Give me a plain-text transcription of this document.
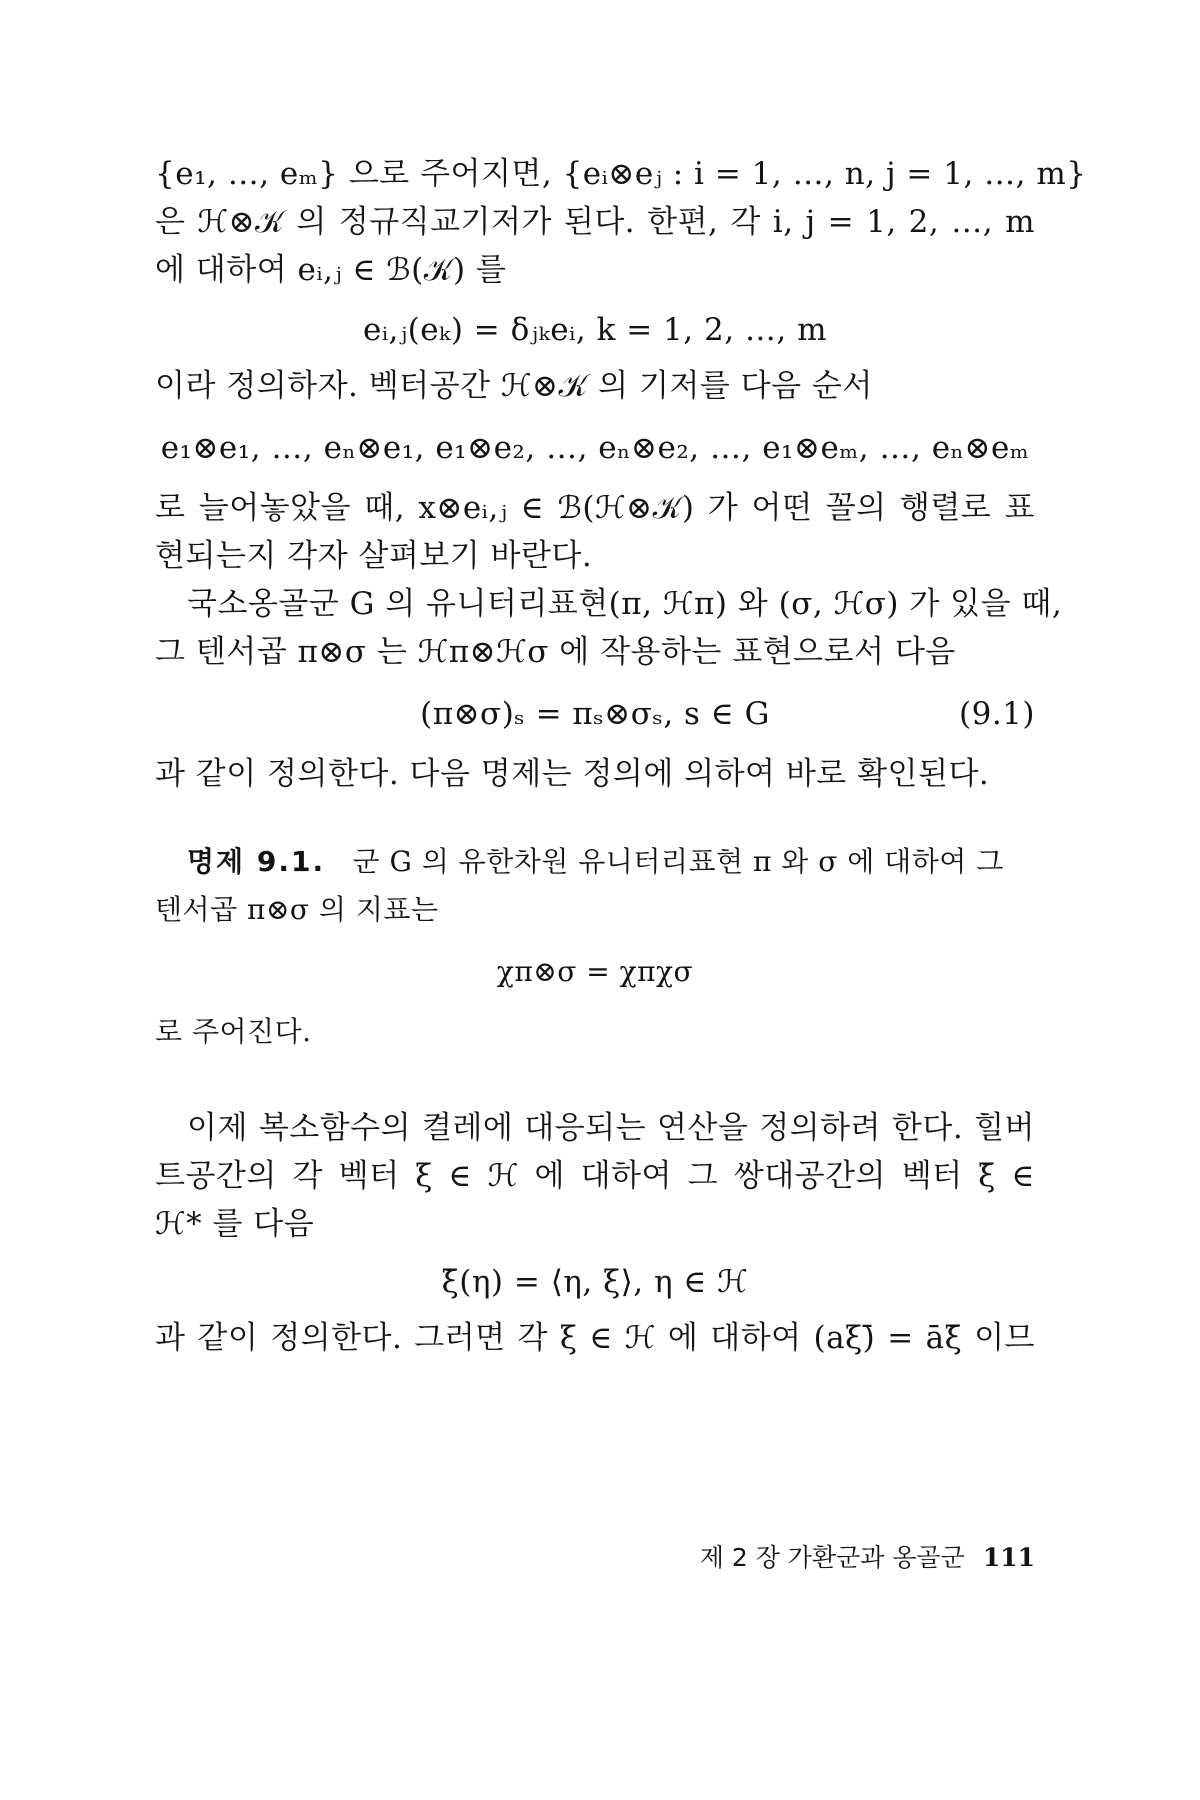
{e₁, …, eₘ} 으로 주어지면, {eᵢ⊗eⱼ : i = 1, …, n, j = 1, …, m}
은 ℋ⊗𝒦 의 정규직교기저가 된다. 한편, 각 i, j = 1, 2, …, m
에 대하여 eᵢ,ⱼ ∈ ℬ(𝒦) 를
eᵢ,ⱼ(eₖ) = δⱼₖeᵢ, k = 1, 2, …, m
이라 정의하자. 벡터공간 ℋ⊗𝒦 의 기저를 다음 순서
e₁⊗e₁, …, eₙ⊗e₁, e₁⊗e₂, …, eₙ⊗e₂, …, e₁⊗eₘ, …, eₙ⊗eₘ
로 늘어놓았을 때, x⊗eᵢ,ⱼ ∈ ℬ(ℋ⊗𝒦) 가 어떤 꼴의 행렬로 표
현되는지 각자 살펴보기 바란다.
국소옹골군 G 의 유니터리표현(π, ℋπ) 와 (σ, ℋσ) 가 있을 때,
그 텐서곱 π⊗σ 는 ℋπ⊗ℋσ 에 작용하는 표현으로서 다음
(π⊗σ)ₛ = πₛ⊗σₛ, s ∈ G	(9.1)
과 같이 정의한다. 다음 명제는 정의에 의하여 바로 확인된다.
명제 9.1. 군 G 의 유한차원 유니터리표현 π 와 σ 에 대하여 그
텐서곱 π⊗σ 의 지표는
χπ⊗σ = χπχσ
로 주어진다.
이제 복소함수의 켤레에 대응되는 연산을 정의하려 한다. 힐버
트공간의 각 벡터 ξ ∈ ℋ 에 대하여 그 쌍대공간의 벡터 ξ̄ ∈
ℋ* 를 다음
ξ̄(η) = ⟨η, ξ⟩, η ∈ ℋ
과 같이 정의한다. 그러면 각 ξ ∈ ℋ 에 대하여 (aξ)̄ = āξ̄ 이므
제 2 장 가환군과 옹골군 111
